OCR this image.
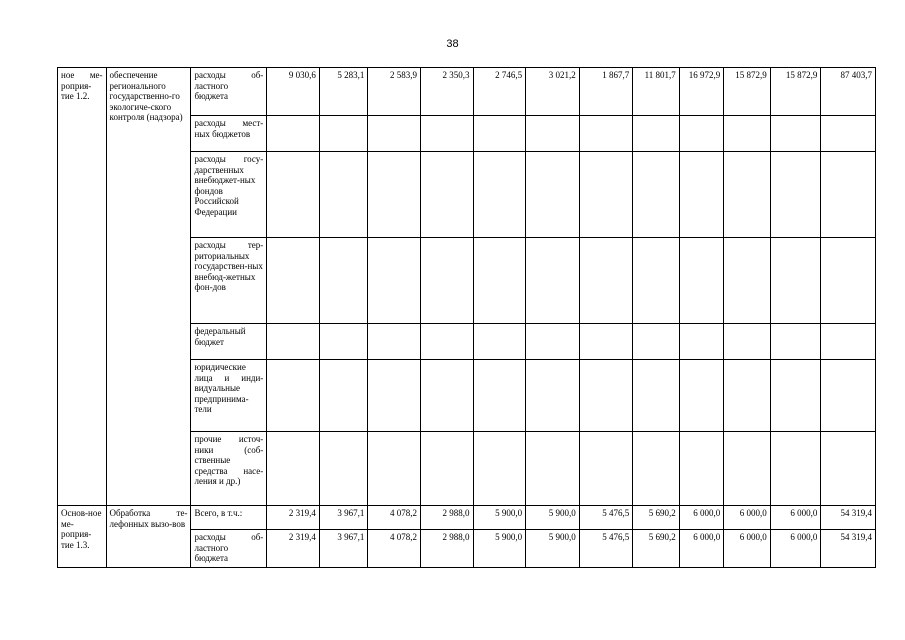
38
ное ме-роприя-тие 1.2.	обеспечение регионального государственно-го экологиче-ского контроля (надзора)	расходы об-ластного бюджета	9 030,6	5 283,1	2 583,9	2 350,3	2 746,5	3 021,2	1 867,7	11 801,7	16 972,9	15 872,9	15 872,9	87 403,7
		расходы мест-ных бюджетов												
		расходы госу-дарственных внебюджет-ных фондов Российской Федерации												
		расходы тер-риториальных государствен-ных внебюд-жетных фон-дов												
		федеральный бюджет												
		юридические лица и инди-видуальные предпринима-тели												
		прочие источ-ники (соб-ственные средства насе-ления и др.)												
Основ-ное ме-роприя-тие 1.3.	Обработка те-лефонных вызо-вов	Всего, в т.ч.:	2 319,4	3 967,1	4 078,2	2 988,0	5 900,0	5 900,0	5 476,5	5 690,2	6 000,0	6 000,0	6 000,0	54 319,4
		расходы об-ластного бюджета	2 319,4	3 967,1	4 078,2	2 988,0	5 900,0	5 900,0	5 476,5	5 690,2	6 000,0	6 000,0	6 000,0	54 319,4
